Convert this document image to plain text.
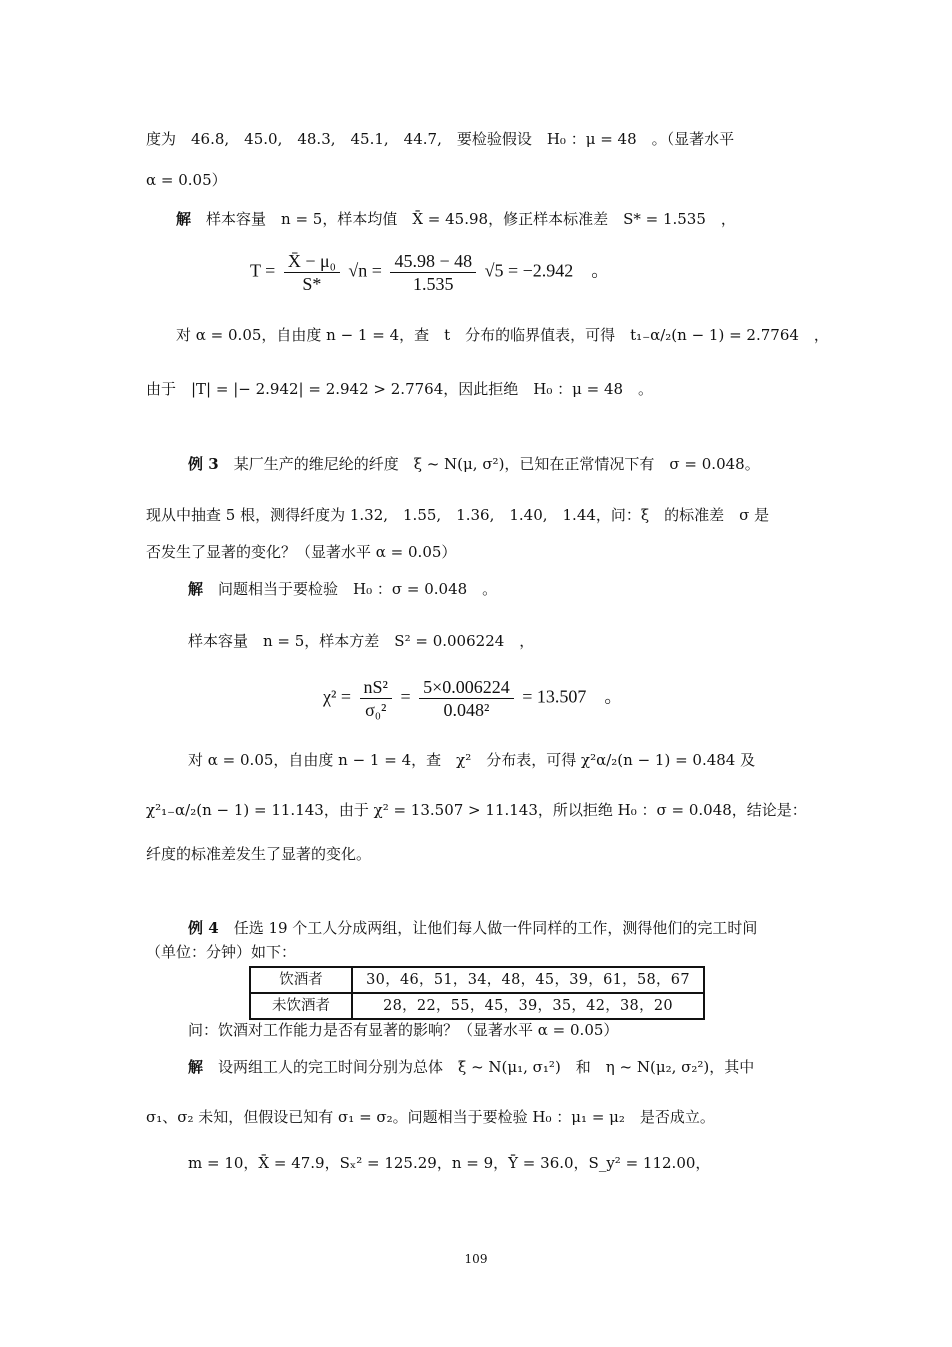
度为　46.8,　45.0,　48.3,　45.1,　44.7,　要检验假设　H₀ ：μ = 48　。（显著水平
α = 0.05）
解　 样本容量　n = 5，样本均值　X̄ = 45.98，修正样本标准差　S* = 1.535　，
$T = \frac{\text{X̄ − μ₀}}{S*} √n = \frac{45.98 - 48}{1.535} √5 = -2.942$　。
对 α = 0.05，自由度 n − 1 = 4，查　t　分布的临界值表，可得　t₁₋α/₂(n − 1) = 2.7764　，
由于　|T| = |− 2.942| = 2.942 > 2.7764，因此拒绝　H₀ ：μ = 48　。
例 3　 某厂生产的维尼纶的纤度　ξ ~ N(μ, σ²)，已知在正常情况下有　σ = 0.048。
现从中抽查 5 根，测得纤度为 1.32,　1.55,　1.36,　1.40,　1.44，问：ξ　的标准差　σ 是
否发生了显著的变化？（显著水平 α = 0.05）
解　 问题相当于要检验　H₀ ：σ = 0.048　。
样本容量　n = 5，样本方差　S² = 0.006224　，
$\chi^2 = \frac{\text{nS²}}{\text{σ₀²}} = \frac{5\times 0.006224}{\text{0.048²}} = 13.507$　。
对 α = 0.05，自由度 n − 1 = 4，查　χ²　分布表，可得 χ²α/₂(n − 1) = 0.484 及
χ²₁₋α/₂(n − 1) = 11.143，由于 χ² = 13.507 > 11.143，所以拒绝 H₀ ：σ = 0.048，结论是：
纤度的标准差发生了显著的变化。
例 4　 任选 19 个工人分成两组，让他们每人做一件同样的工作，测得他们的完工时间
（单位：分钟）如下：
饮酒者	30，46，51，34，48，45，39，61，58，67
未饮酒者	28，22，55，45，39，35，42，38，20
问：饮酒对工作能力是否有显著的影响？（显著水平 α = 0.05）
解　 设两组工人的完工时间分别为总体　ξ ~ N(μ₁, σ₁²)　和　η ~ N(μ₂, σ₂²)，其中
σ₁、σ₂ 未知，但假设已知有 σ₁ = σ₂。问题相当于要检验 H₀ ：μ₁ = μ₂　是否成立。
m = 10，X̄ = 47.9，Sₓ² = 125.29，n = 9，Ȳ = 36.0，S_y² = 112.00，
109
